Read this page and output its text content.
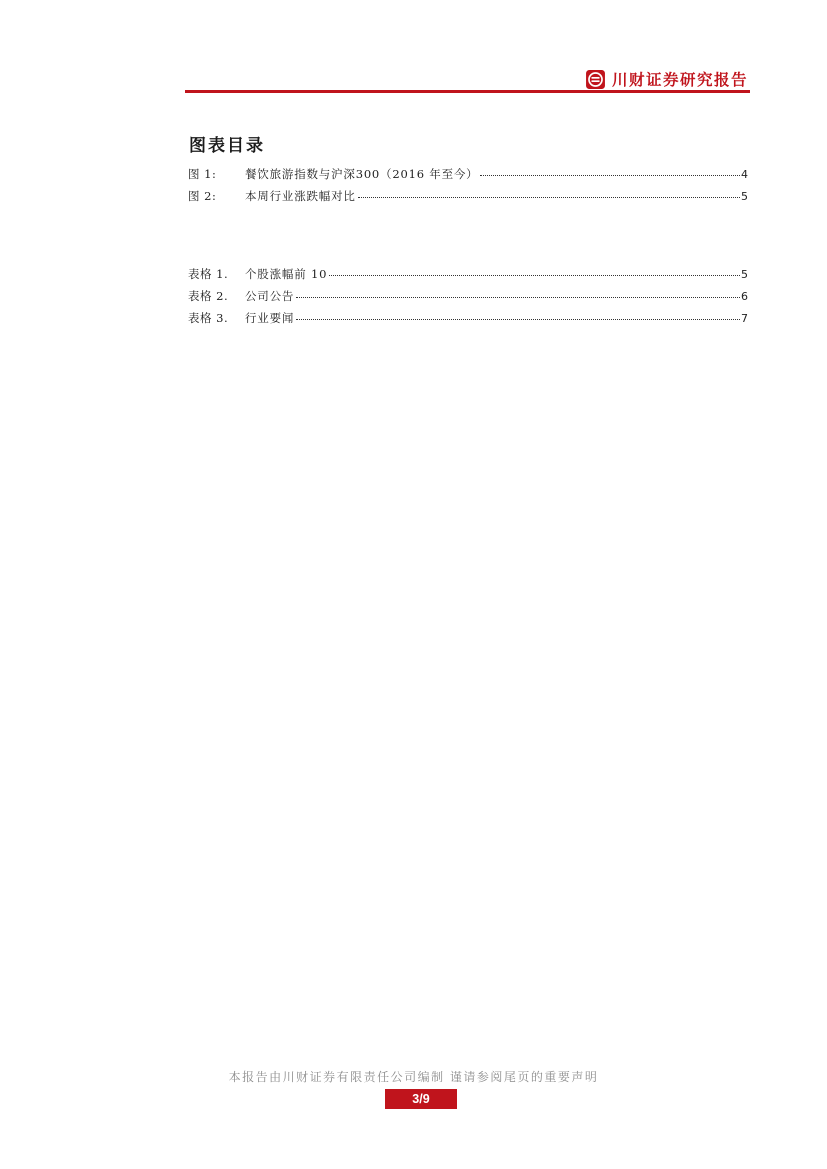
川财证券研究报告
图表目录
图 1:	餐饮旅游指数与沪深300（2016 年至今）	4
图 2:	本周行业涨跌幅对比	5
表格 1.	个股涨幅前 10	5
表格 2.	公司公告	6
表格 3.	行业要闻	7
本报告由川财证券有限责任公司编制 谨请参阅尾页的重要声明
3/9
